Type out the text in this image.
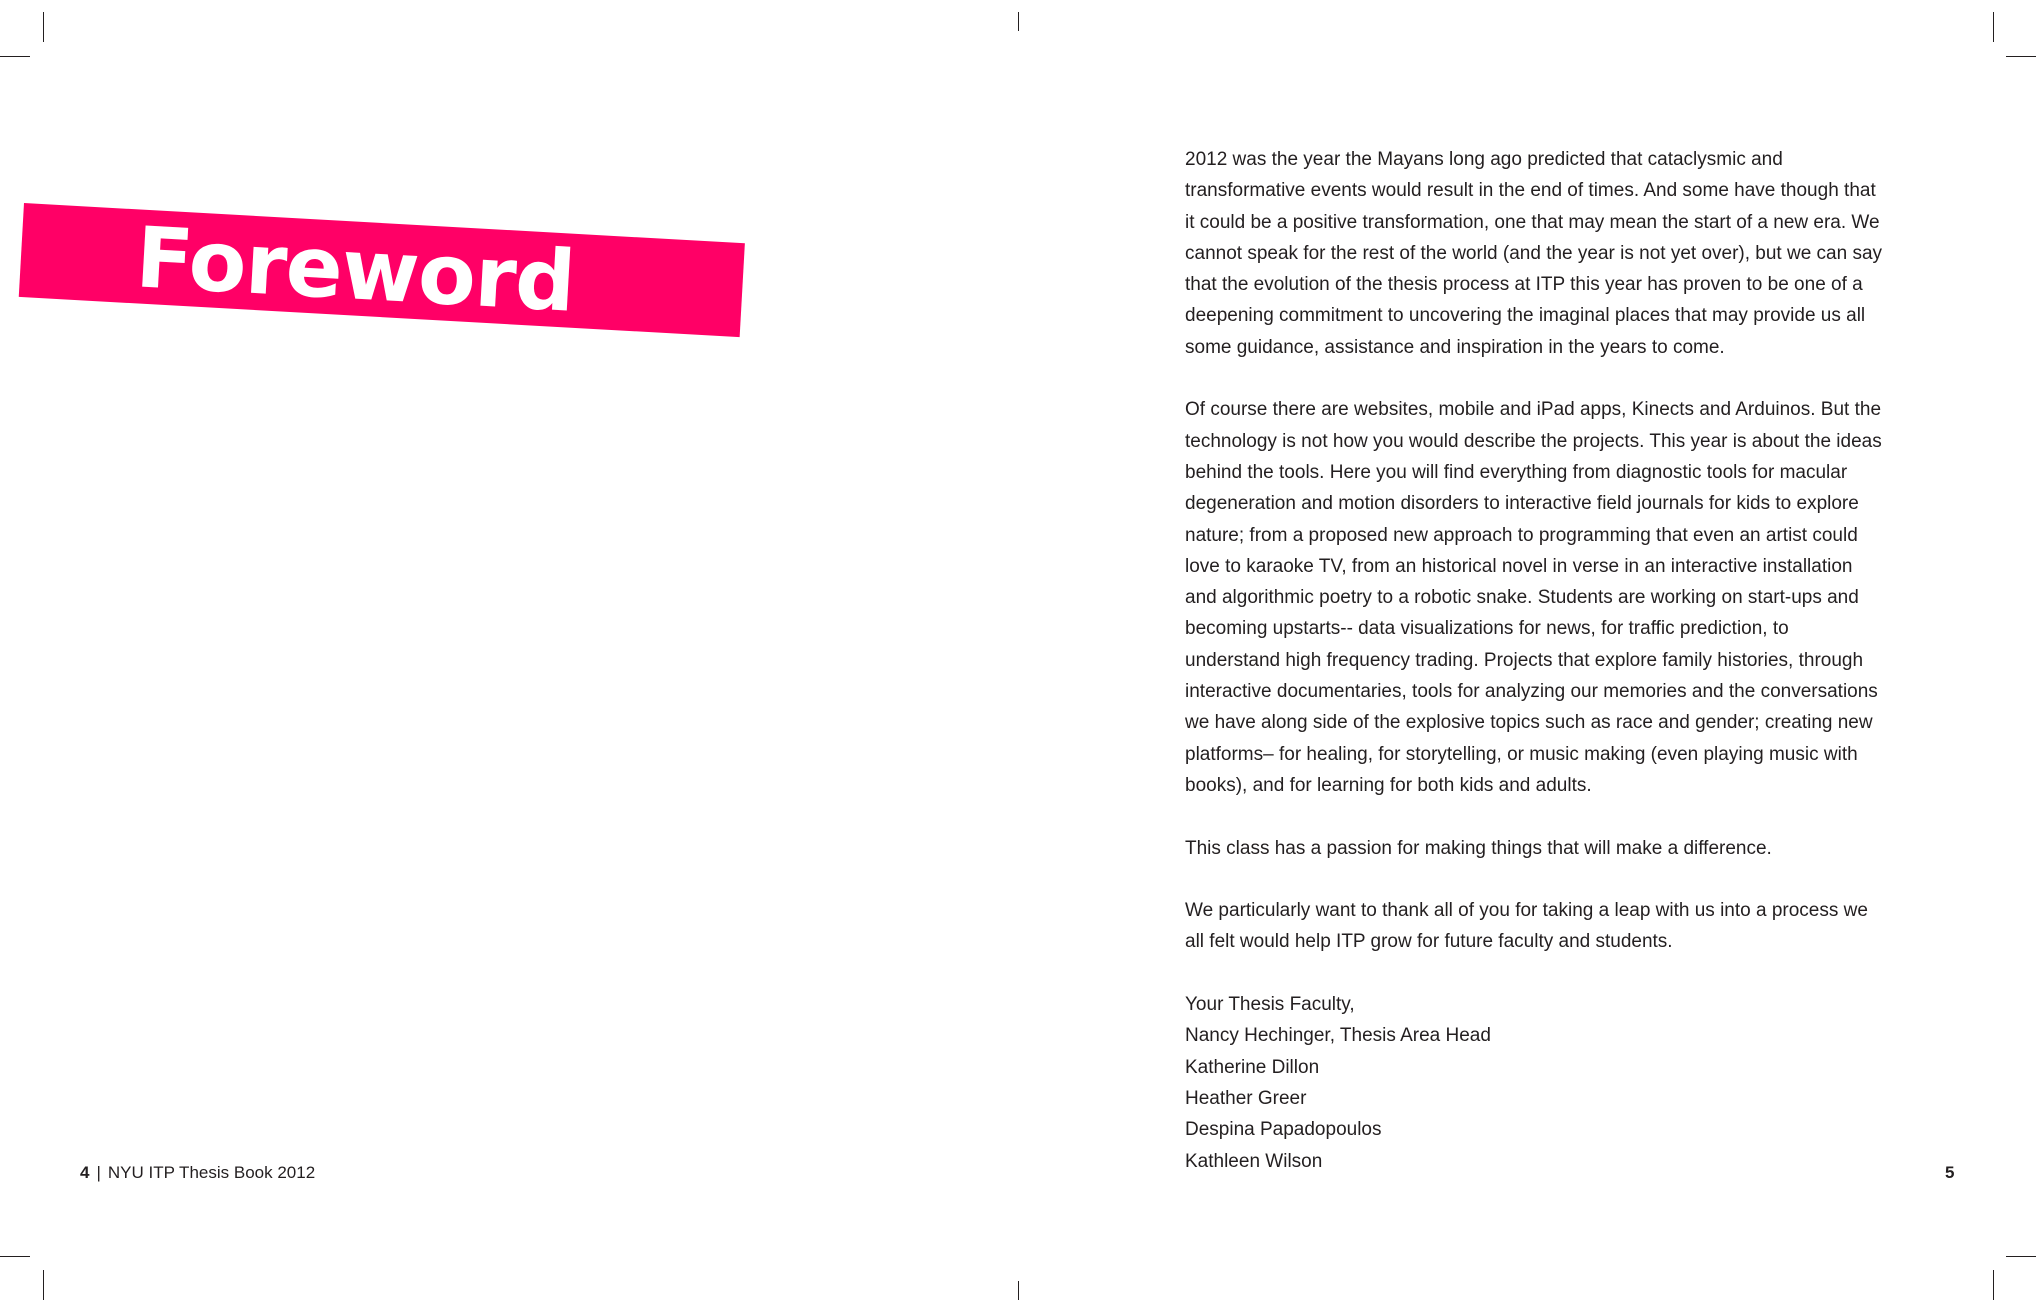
Foreword

2012 was the year the Mayans long ago predicted that cataclysmic and transformative events would result in the end of times. And some have though that it could be a positive transformation, one that may mean the start of a new era. We cannot speak for the rest of the world (and the year is not yet over), but we can say that the evolution of the thesis process at ITP this year has proven to be one of a deepening commitment to uncovering the imaginal places that may provide us all some guidance, assistance and inspiration in the years to come.

Of course there are websites, mobile and iPad apps, Kinects and Arduinos. But the technology is not how you would describe the projects. This year is about the ideas behind the tools. Here you will find everything from diagnostic tools for macular degeneration and motion disorders to interactive field journals for kids to explore nature; from a proposed new approach to programming that even an artist could love to karaoke TV, from an historical novel in verse in an interactive installation and algorithmic poetry to a robotic snake. Students are working on start-ups and becoming upstarts-- data visualizations for news, for traffic prediction, to understand high frequency trading. Projects that explore family histories, through interactive documentaries, tools for analyzing our memories and the conversations we have along side of the explosive topics such as race and gender; creating new platforms– for healing, for storytelling, or music making (even playing music with books), and for learning for both kids and adults.

This class has a passion for making things that will make a difference.

We particularly want to thank all of you for taking a leap with us into a process we all felt would help ITP grow for future faculty and students.

Your Thesis Faculty,
Nancy Hechinger, Thesis Area Head
Katherine Dillon
Heather Greer
Despina Papadopoulos
Kathleen Wilson
4 | NYU ITP Thesis Book 2012	5
